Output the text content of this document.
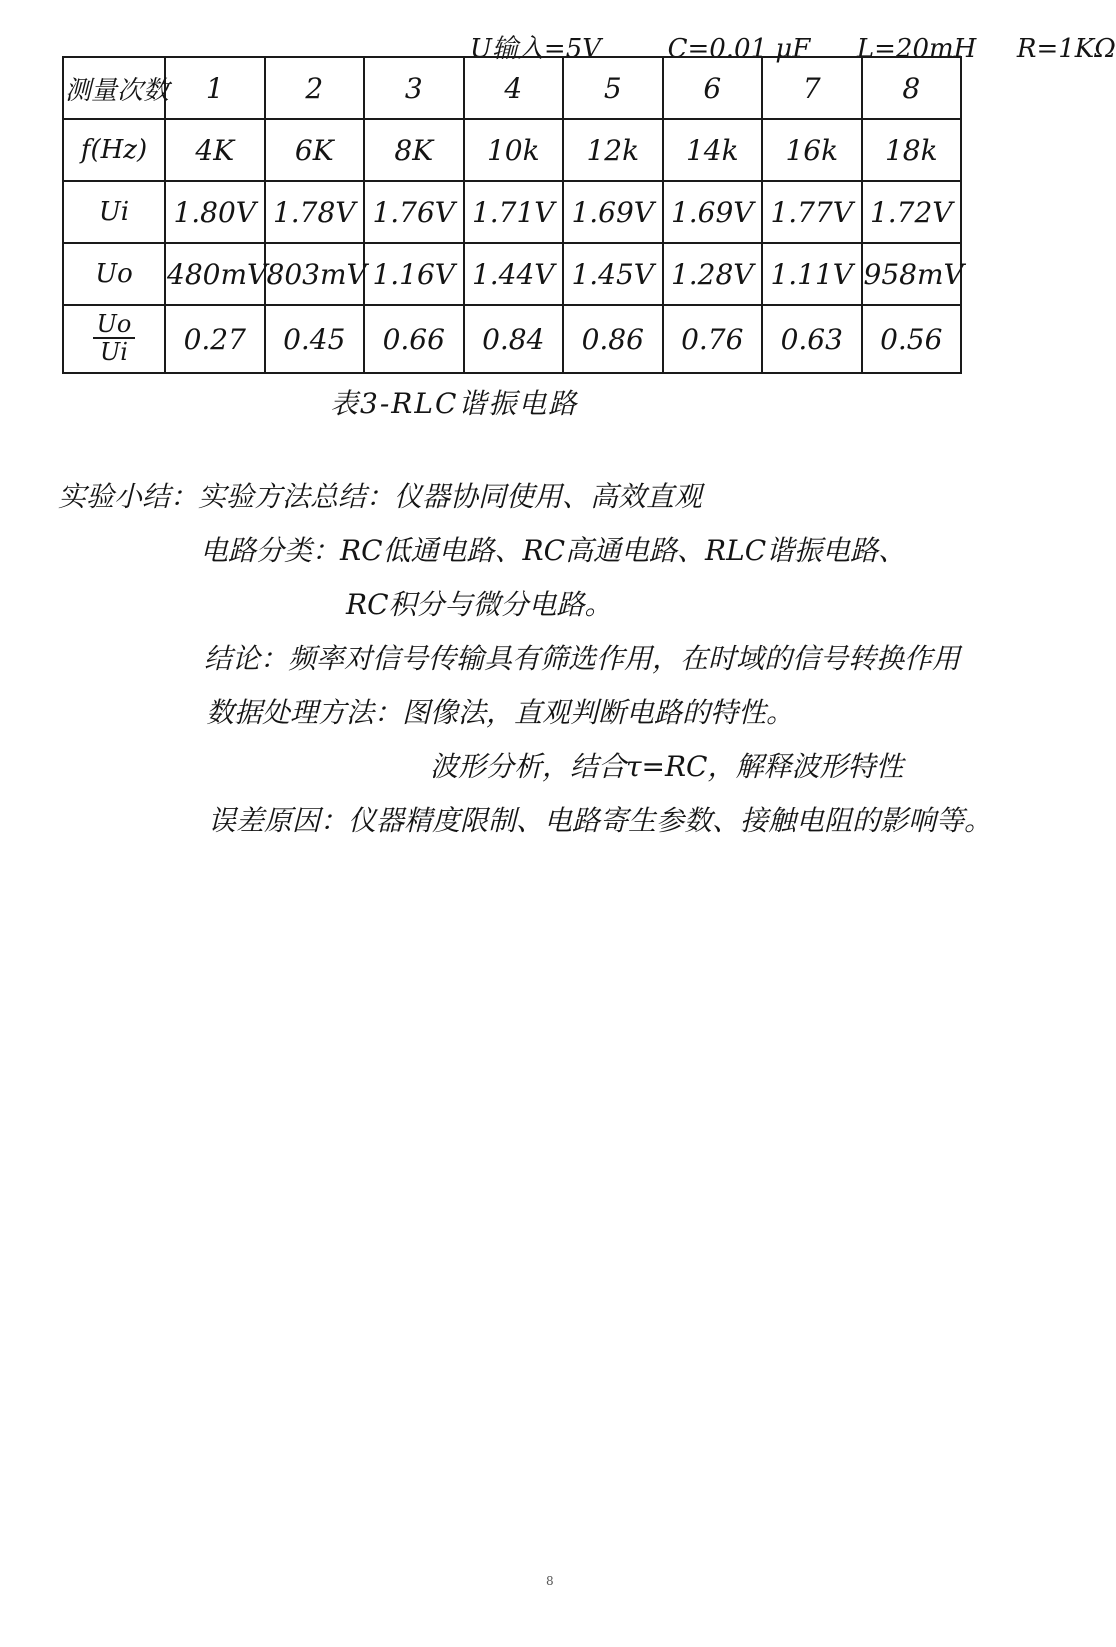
U输入=5V	C=0.01 μF L=20mH R=1KΩ
测量次数	1	2	3	4	5	6	7	8
f(Hz)	4K	6K	8K	10k	12k	14k	16k	18k
Ui	1.80V	1.78V	1.76V	1.71V	1.69V	1.69V	1.77V	1.72V
Uo	480mV	803mV	1.16V	1.44V	1.45V	1.28V	1.11V	958mV

$\frac{Uo}{Ui}$	0.27	0.45	0.66	0.84	0.86	0.76	0.63	0.56
表3-RLC谐振电路
实验小结：实验方法总结：仪器协同使用、高效直观
电路分类：RC低通电路、RC高通电路、RLC谐振电路、
RC积分与微分电路。
结论：频率对信号传输具有筛选作用，在时域的信号转换作用
数据处理方法：图像法，直观判断电路的特性。
波形分析，结合τ=RC，解释波形特性
误差原因：仪器精度限制、电路寄生参数、接触电阻的影响等。
8
